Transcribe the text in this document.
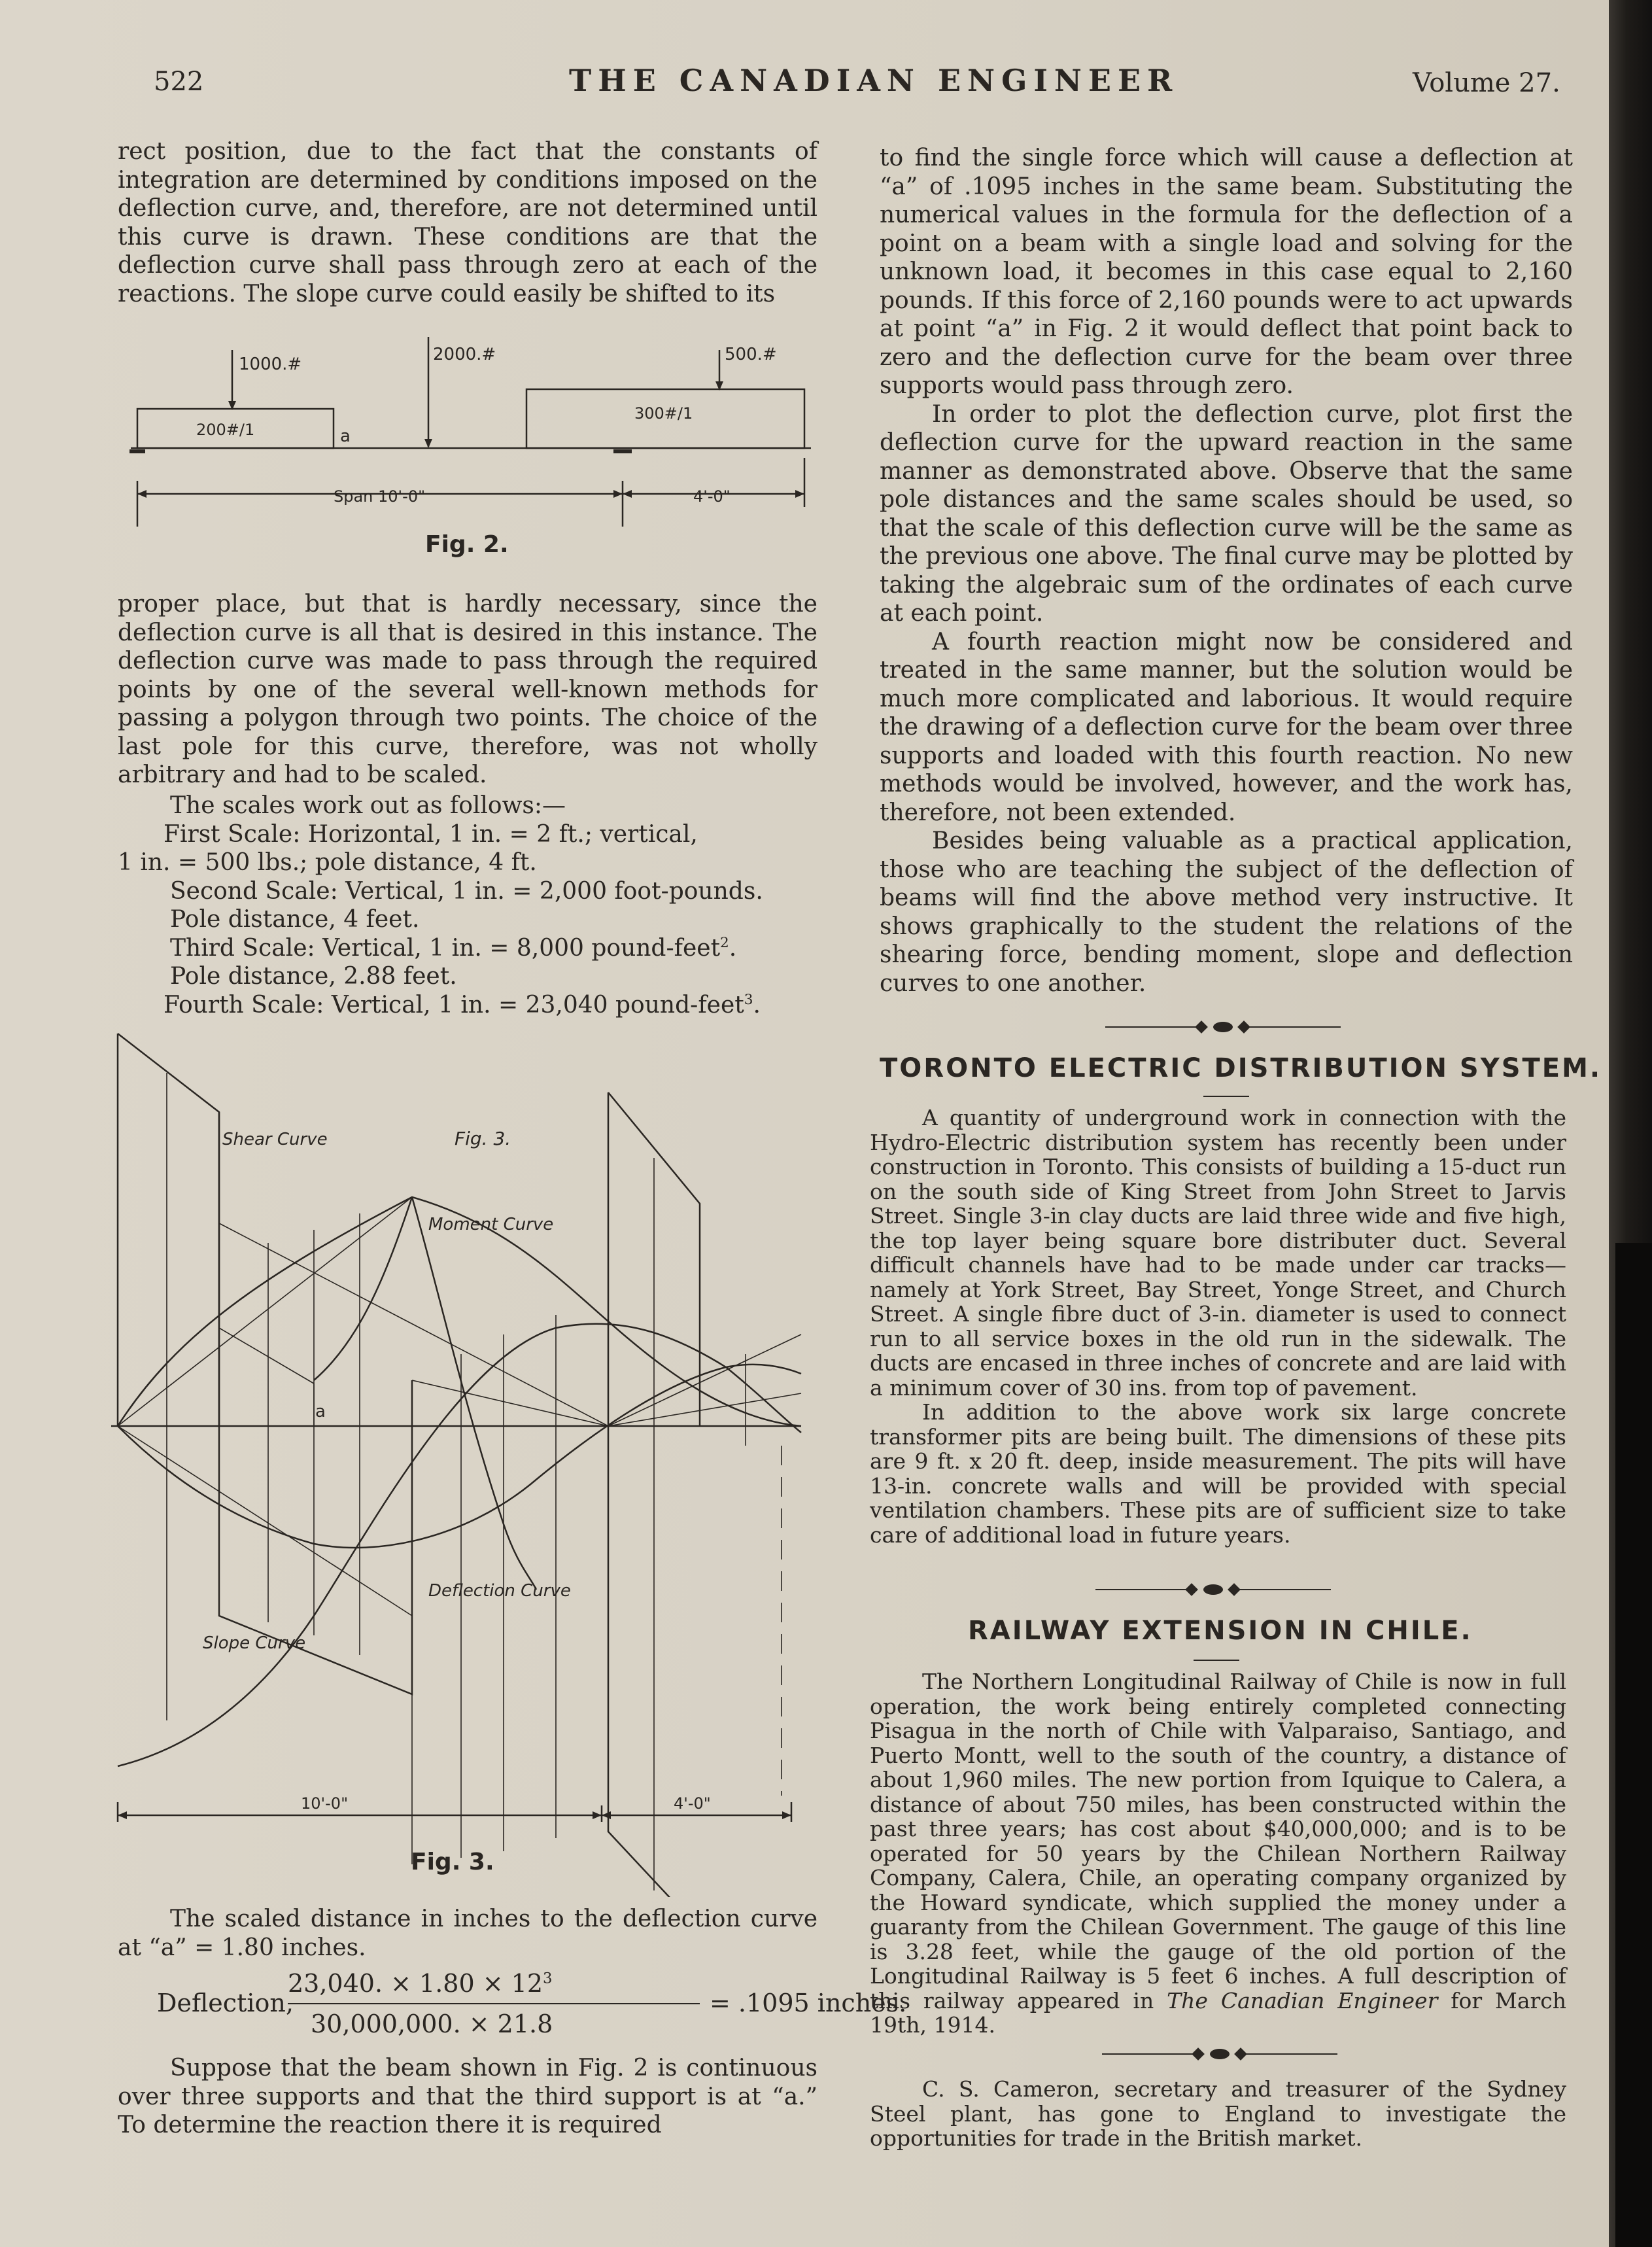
522	THE CANADIAN ENGINEER	Volume 27.

rect position, due to the fact that the constants of integration are determined by conditions imposed on the deflection curve, and, therefore, are not determined until this curve is drawn. These conditions are that the deflection curve shall pass through zero at each of the reactions. The slope curve could easily be shifted to its

1000.#	2000.#	500.#
200#/1
300#/1
a
Span 10'-0"	4'-0"
Fig. 2.

proper place, but that is hardly necessary, since the deflection curve is all that is desired in this instance. The deflection curve was made to pass through the required points by one of the several well-known methods for passing a polygon through two points. The choice of the last pole for this curve, therefore, was not wholly arbitrary and had to be scaled.

The scales work out as follows:—
First Scale: Horizontal, 1 in. = 2 ft.; vertical,
1 in. = 500 lbs.; pole distance, 4 ft.
Second Scale: Vertical, 1 in. = 2,000 foot-pounds.
Pole distance, 4 feet.
Third Scale: Vertical, 1 in. = 8,000 pound-feet$^2$.
Pole distance, 2.88 feet.
Fourth Scale: Vertical, 1 in. = 23,040 pound-feet$^3$.
Shear Curve	Fig. 3.
Moment Curve
a
Deflection Curve
Slope Curve
10'-0"	4'-0"
Fig. 3.

The scaled distance in inches to the deflection curve at “a” = 1.80 inches.

Deflection,
23,040. × $1.80 \times 12^3$
30,000,000. × 21.8
= .1095 inches.

Suppose that the beam shown in Fig. 2 is continuous over three supports and that the third support is at “a.” To determine the reaction there it is required

to find the single force which will cause a deflection at “a” of .1095 inches in the same beam. Substituting the numerical values in the formula for the deflection of a point on a beam with a single load and solving for the unknown load, it becomes in this case equal to 2,160 pounds. If this force of 2,160 pounds were to act upwards at point “a” in Fig. 2 it would deflect that point back to zero and the deflection curve for the beam over three supports would pass through zero.

In order to plot the deflection curve, plot first the deflection curve for the upward reaction in the same manner as demonstrated above. Observe that the same pole distances and the same scales should be used, so that the scale of this deflection curve will be the same as the previous one above. The final curve may be plotted by taking the algebraic sum of the ordinates of each curve at each point.

A fourth reaction might now be considered and treated in the same manner, but the solution would be much more complicated and laborious. It would require the drawing of a deflection curve for the beam over three supports and loaded with this fourth reaction. No new methods would be involved, however, and the work has, therefore, not been extended.

Besides being valuable as a practical application, those who are teaching the subject of the deflection of beams will find the above method very instructive. It shows graphically to the student the relations of the shearing force, bending moment, slope and deflection curves to one another.

TORONTO ELECTRIC DISTRIBUTION SYSTEM.

A quantity of underground work in connection with the Hydro-Electric distribution system has recently been under construction in Toronto. This consists of building a 15-duct run on the south side of King Street from John Street to Jarvis Street. Single 3-in clay ducts are laid three wide and five high, the top layer being square bore distributer duct. Several difficult channels have had to be made under car tracks—namely at York Street, Bay Street, Yonge Street, and Church Street. A single fibre duct of 3-in. diameter is used to connect run to all service boxes in the old run in the sidewalk. The ducts are encased in three inches of concrete and are laid with a minimum cover of 30 ins. from top of pavement.

In addition to the above work six large concrete transformer pits are being built. The dimensions of these pits are 9 ft. x 20 ft. deep, inside measurement. The pits will have 13-in. concrete walls and will be provided with special ventilation chambers. These pits are of sufficient size to take care of additional load in future years.

RAILWAY EXTENSION IN CHILE.

The Northern Longitudinal Railway of Chile is now in full operation, the work being entirely completed connecting Pisagua in the north of Chile with Valparaiso, Santiago, and Puerto Montt, well to the south of the country, a distance of about 1,960 miles. The new portion from Iquique to Calera, a distance of about 750 miles, has been constructed within the past three years; has cost about $40,000,000; and is to be operated for 50 years by the Chilean Northern Railway Company, Calera, Chile, an operating company organized by the Howard syndicate, which supplied the money under a guaranty from the Chilean Government. The gauge of this line is 3.28 feet, while the gauge of the old portion of the Longitudinal Railway is 5 feet 6 inches. A full description of this railway appeared in The Canadian Engineer for March 19th, 1914.

C. S. Cameron, secretary and treasurer of the Sydney Steel plant, has gone to England to investigate the opportunities for trade in the British market.
